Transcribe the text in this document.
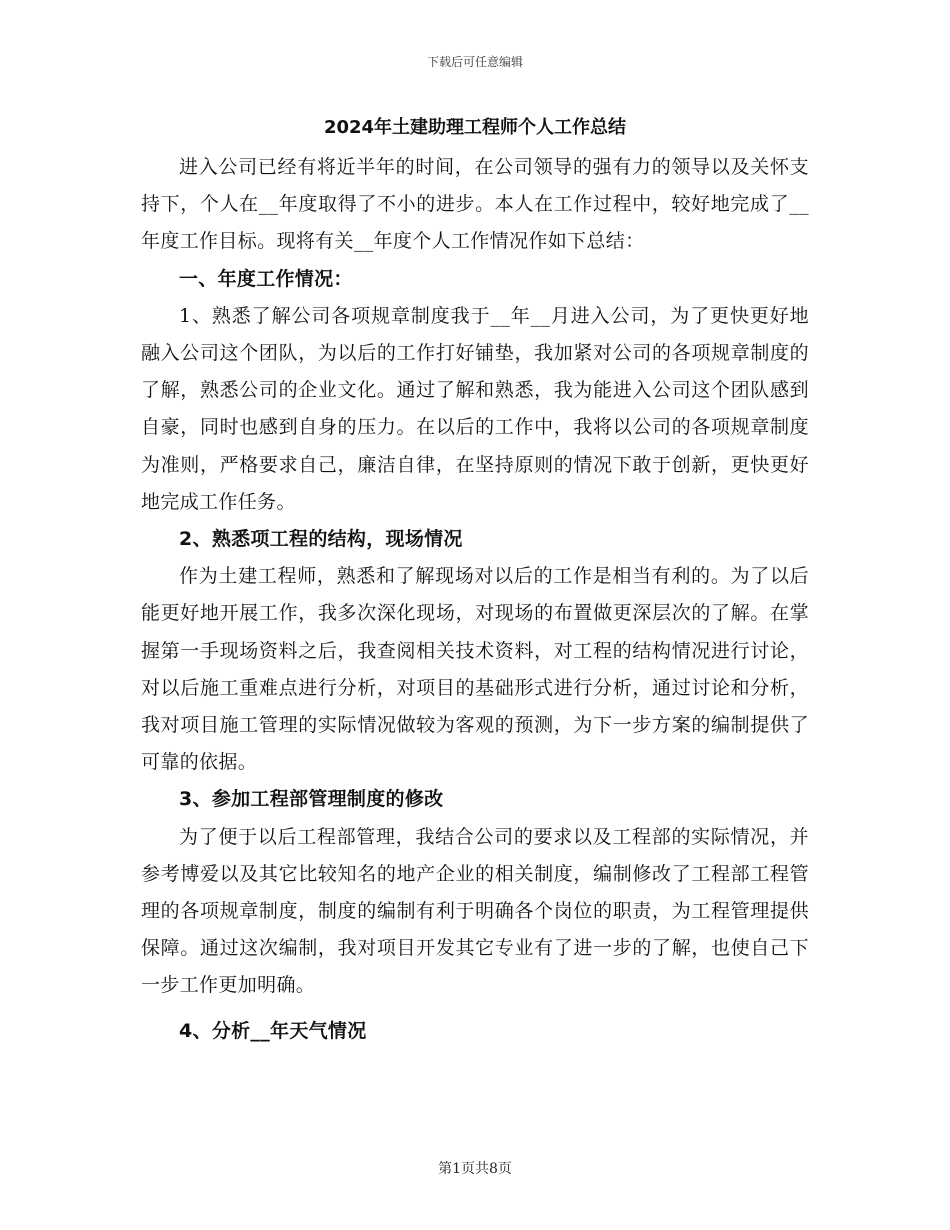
下载后可任意编辑
2024年土建助理工程师个人工作总结

进入公司已经有将近半年的时间，在公司领导的强有力的领导以及关怀支持下，个人在__年度取得了不小的进步。本人在工作过程中，较好地完成了__年度工作目标。现将有关__年度个人工作情况作如下总结：

一、年度工作情况：

1、熟悉了解公司各项规章制度我于__年__月进入公司，为了更快更好地融入公司这个团队，为以后的工作打好铺垫，我加紧对公司的各项规章制度的了解，熟悉公司的企业文化。通过了解和熟悉，我为能进入公司这个团队感到自豪，同时也感到自身的压力。在以后的工作中，我将以公司的各项规章制度为准则，严格要求自己，廉洁自律，在坚持原则的情况下敢于创新，更快更好地完成工作任务。

2、熟悉项工程的结构，现场情况

作为土建工程师，熟悉和了解现场对以后的工作是相当有利的。为了以后能更好地开展工作，我多次深化现场，对现场的布置做更深层次的了解。在掌握第一手现场资料之后，我查阅相关技术资料，对工程的结构情况进行讨论，对以后施工重难点进行分析，对项目的基础形式进行分析，通过讨论和分析，我对项目施工管理的实际情况做较为客观的预测，为下一步方案的编制提供了可靠的依据。

3、参加工程部管理制度的修改

为了便于以后工程部管理，我结合公司的要求以及工程部的实际情况，并参考博爱以及其它比较知名的地产企业的相关制度，编制修改了工程部工程管理的各项规章制度，制度的编制有利于明确各个岗位的职责，为工程管理提供保障。通过这次编制，我对项目开发其它专业有了进一步的了解，也使自己下一步工作更加明确。

4、分析__年天气情况
第1页共8页
